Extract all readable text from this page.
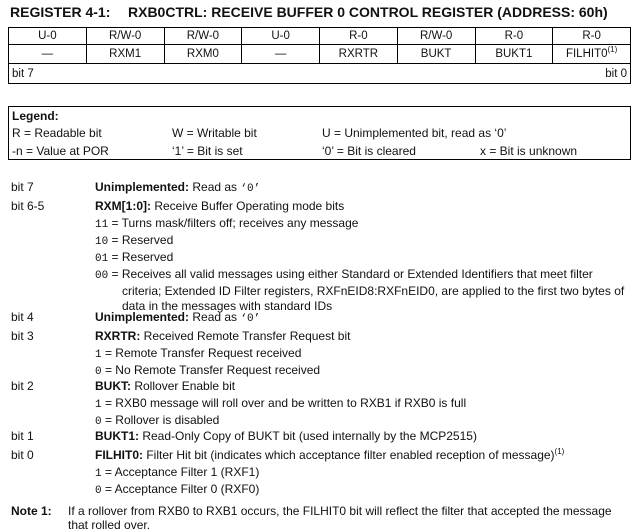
REGISTER 4-1: RXB0CTRL: RECEIVE BUFFER 0 CONTROL REGISTER (ADDRESS: 60h)
U-0	R/W-0	R/W-0	U-0	R-0	R/W-0	R-0	R-0
—	RXM1	RXM0	—	RXRTR	BUKT	BUKT1	FILHIT0$^{(1)}$
bit 7 bit 0							
Legend:
R = Readable bit	W = Writable bit	U = Unimplemented bit, read as ‘0’
-n = Value at POR	‘1’ = Bit is set	‘0’ = Bit is cleared	x = Bit is unknown
bit 7	Unimplemented: Read as ‘0’
bit 6-5	RXM[1:0]: Receive Buffer Operating mode bits
11 = Turns mask/filters off; receives any message
10 = Reserved
01 = Reserved
00 = Receives all valid messages using either Standard or Extended Identifiers that meet filter criteria; Extended ID Filter registers, RXFnEID8:RXFnEID0, are applied to the first two bytes of data in the messages with standard IDs
bit 4	Unimplemented: Read as ‘0’
bit 3	RXRTR: Received Remote Transfer Request bit
1 = Remote Transfer Request received
0 = No Remote Transfer Request received
bit 2	BUKT: Rollover Enable bit
1 = RXB0 message will roll over and be written to RXB1 if RXB0 is full
0 = Rollover is disabled
bit 1	BUKT1: Read-Only Copy of BUKT bit (used internally by the MCP2515)
bit 0	FILHIT0: Filter Hit bit (indicates which acceptance filter enabled reception of message)$^{(1)}$
1 = Acceptance Filter 1 (RXF1)
0 = Acceptance Filter 0 (RXF0)
Note 1: If a rollover from RXB0 to RXB1 occurs, the FILHIT0 bit will reflect the filter that accepted the message that rolled over.
